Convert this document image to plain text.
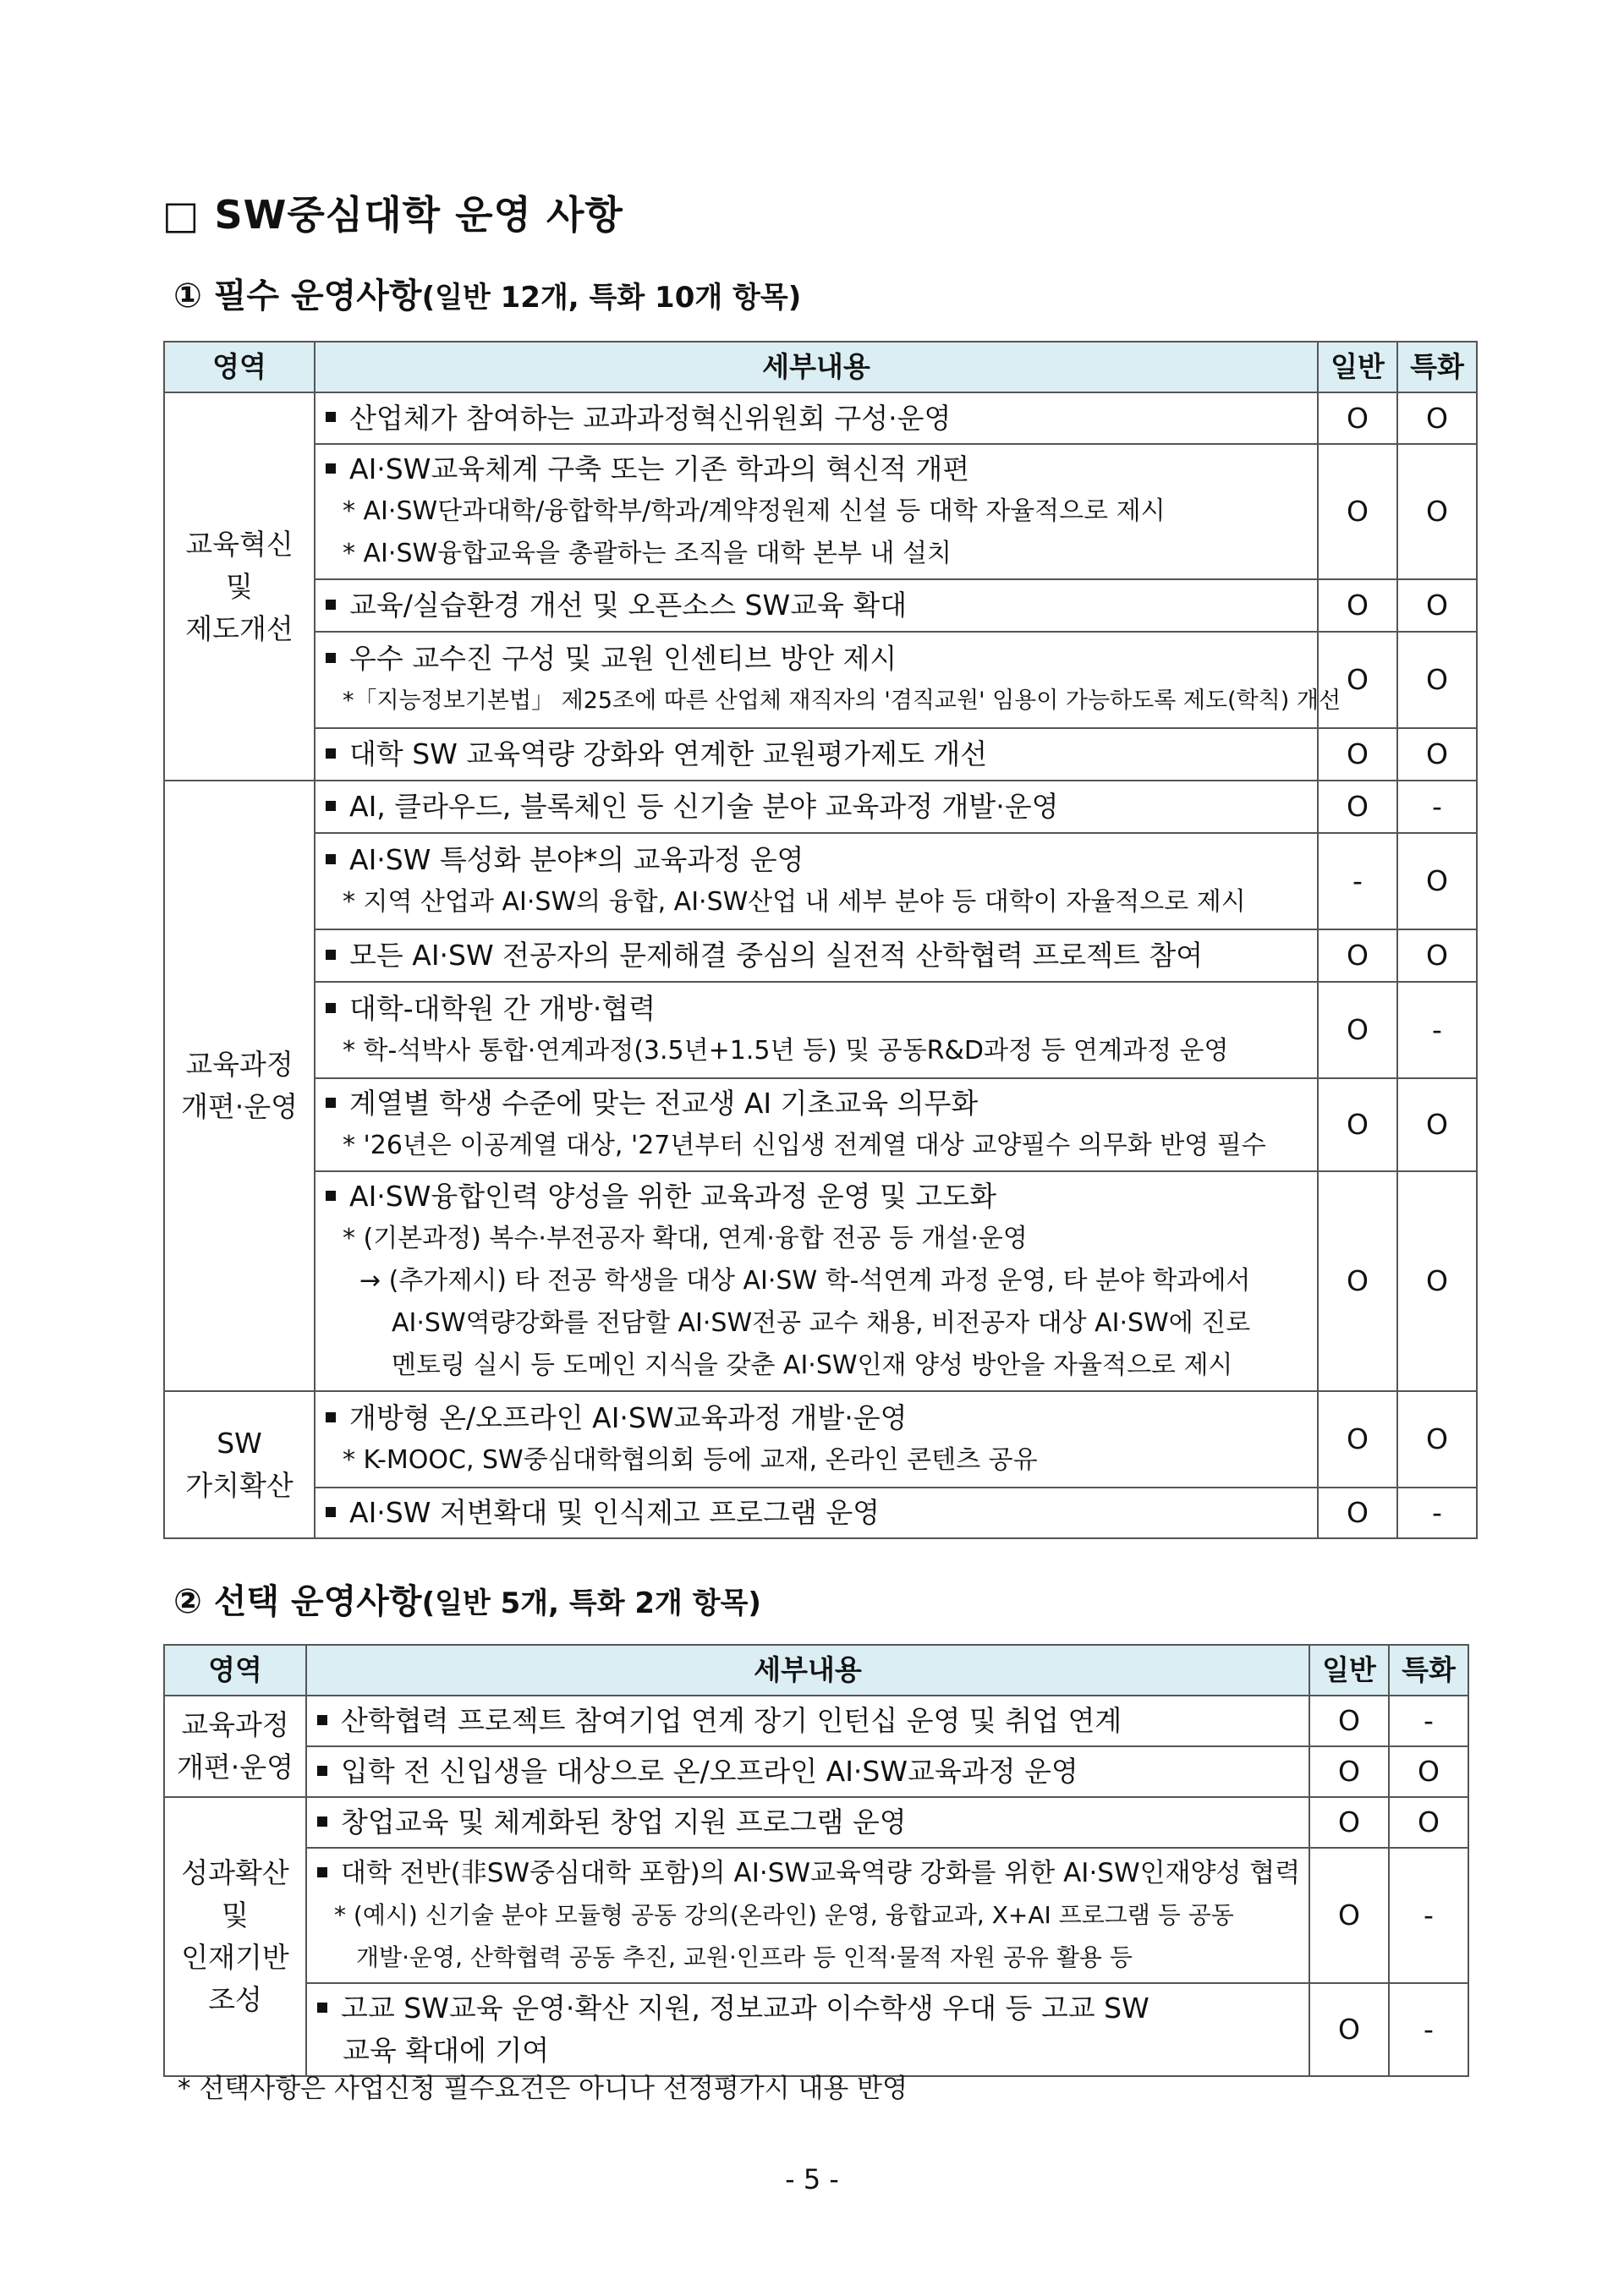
□ SW중심대학 운영 사항
① 필수 운영사항(일반 12개, 특화 10개 항목)
영역	세부내용	일반	특화
교육혁신
및
제도개선	산업체가 참여하는 교과과정혁신위원회 구성·운영	O	O

	AI·SW교육체계 구축 또는 기존 학과의 혁신적 개편
* AI·SW단과대학/융합학부/학과/계약정원제 신설 등 대학 자율적으로 제시
* AI·SW융합교육을 총괄하는 조직을 대학 본부 내 설치	O	O

	교육/실습환경 개선 및 오픈소스 SW교육 확대	O	O

	우수 교수진 구성 및 교원 인센티브 방안 제시
*「지능정보기본법」 제25조에 따른 산업체 재직자의 '겸직교원' 임용이 가능하도록 제도(학칙) 개선	O	O

	대학 SW 교육역량 강화와 연계한 교원평가제도 개선	O	O
교육과정
개편·운영	AI, 클라우드, 블록체인 등 신기술 분야 교육과정 개발·운영	O	-

	AI·SW 특성화 분야*의 교육과정 운영
* 지역 산업과 AI·SW의 융합, AI·SW산업 내 세부 분야 등 대학이 자율적으로 제시	-	O

	모든 AI·SW 전공자의 문제해결 중심의 실전적 산학협력 프로젝트 참여	O	O

	대학-대학원 간 개방·협력
* 학-석박사 통합·연계과정(3.5년+1.5년 등) 및 공동R&D과정 등 연계과정 운영	O	-

	계열별 학생 수준에 맞는 전교생 AI 기초교육 의무화
* '26년은 이공계열 대상, '27년부터 신입생 전계열 대상 교양필수 의무화 반영 필수	O	O

	AI·SW융합인력 양성을 위한 교육과정 운영 및 고도화
* (기본과정) 복수·부전공자 확대, 연계·융합 전공 등 개설·운영
→ (추가제시) 타 전공 학생을 대상 AI·SW 학-석연계 과정 운영, 타 분야 학과에서
AI·SW역량강화를 전담할 AI·SW전공 교수 채용, 비전공자 대상 AI·SW에 진로
멘토링 실시 등 도메인 지식을 갖춘 AI·SW인재 양성 방안을 자율적으로 제시	O	O
SW
가치확산	개방형 온/오프라인 AI·SW교육과정 개발·운영
* K-MOOC, SW중심대학협의회 등에 교재, 온라인 콘텐츠 공유	O	O

	AI·SW 저변확대 및 인식제고 프로그램 운영	O	-
② 선택 운영사항(일반 5개, 특화 2개 항목)
영역	세부내용	일반	특화
교육과정
개편·운영	산학협력 프로젝트 참여기업 연계 장기 인턴십 운영 및 취업 연계	O	-

	입학 전 신입생을 대상으로 온/오프라인 AI·SW교육과정 운영	O	O
성과확산
및
인재기반
조성	창업교육 및 체계화된 창업 지원 프로그램 운영	O	O

	대학 전반(非SW중심대학 포함)의 AI·SW교육역량 강화를 위한 AI·SW인재양성 협력
* (예시) 신기술 분야 모듈형 공동 강의(온라인) 운영, 융합교과, X+AI 프로그램 등 공동
개발·운영, 산학협력 공동 추진, 교원·인프라 등 인적·물적 자원 공유 활용 등	O	-

	고교 SW교육 운영·확산 지원, 정보교과 이수학생 우대 등 고교 SW
교육 확대에 기여	O	-
* 선택사항은 사업신청 필수요건은 아니나 선정평가시 내용 반영
- 5 -
